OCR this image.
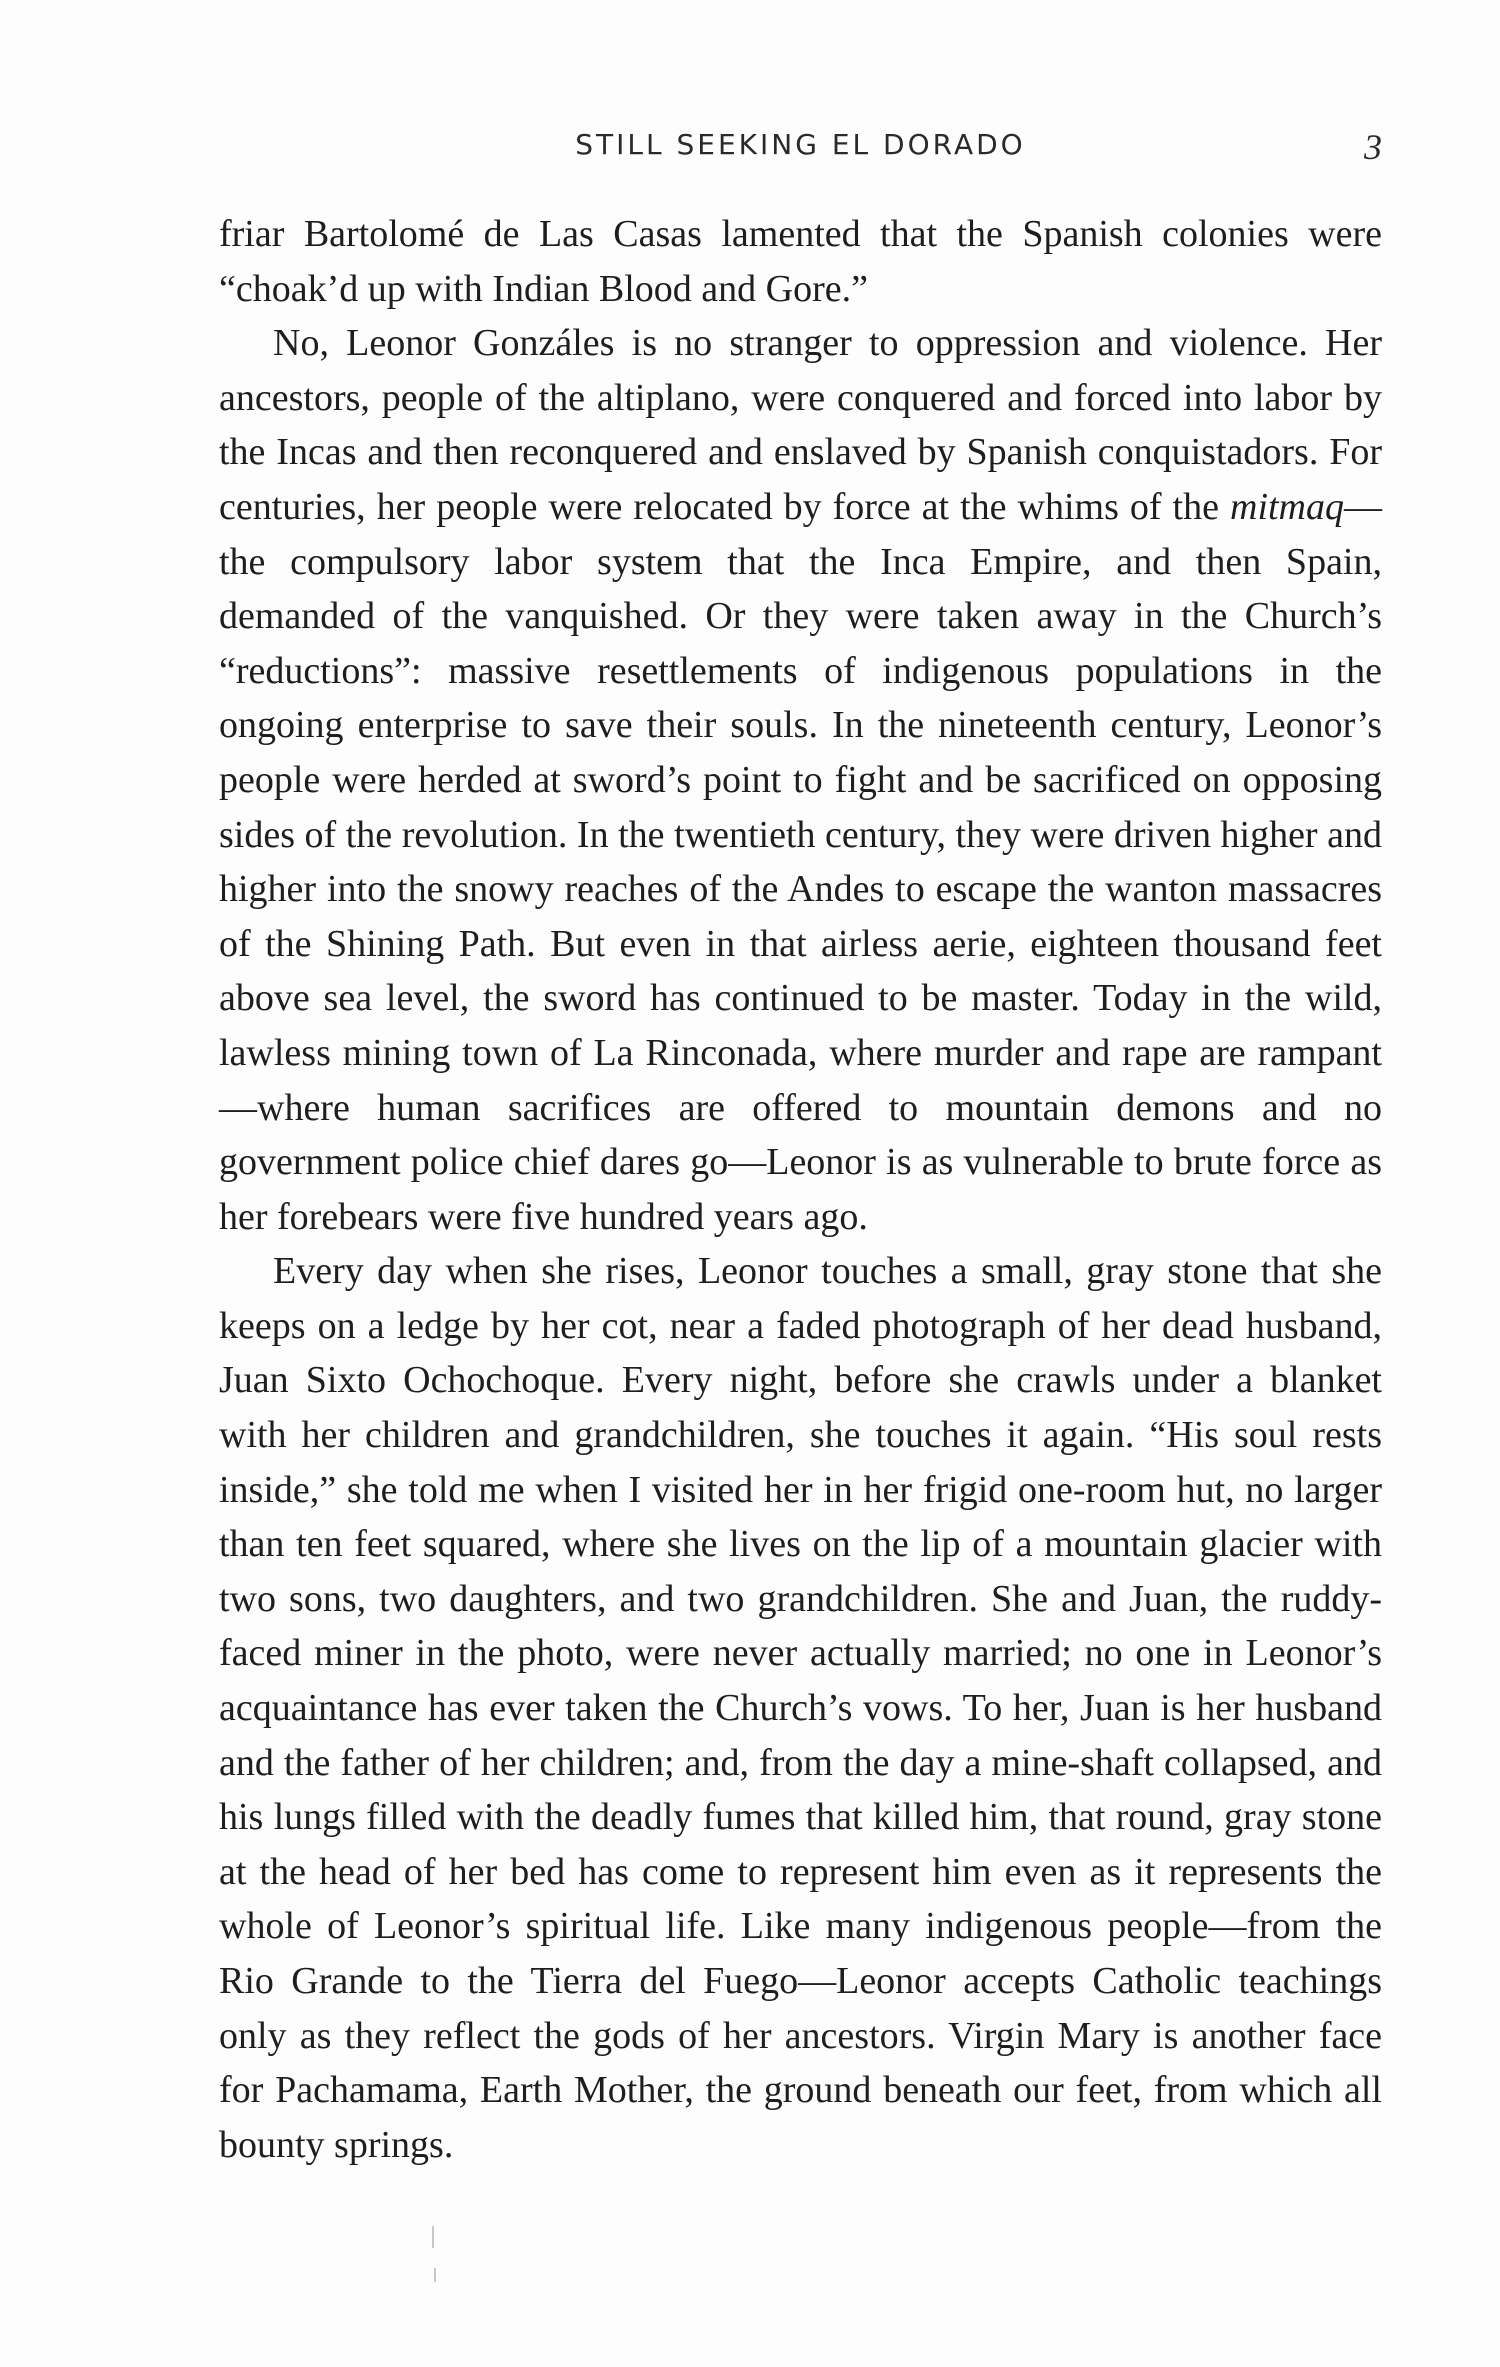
STILL SEEKING EL DORADO	3

friar Bartolomé de Las Casas lamented that the Spanish colonies were “choak’d up with Indian Blood and Gore.”

No, Leonor Gonzáles is no stranger to oppression and violence. Her ancestors, people of the altiplano, were conquered and forced into labor by the Incas and then reconquered and enslaved by Spanish conquistadors. For centuries, her people were relocated by force at the whims of the mitmaq—the compulsory labor system that the Inca Empire, and then Spain, demanded of the vanquished. Or they were taken away in the Church’s “reductions”: massive resettlements of indigenous populations in the ongoing enterprise to save their souls. In the nineteenth century, Leonor’s people were herded at sword’s point to fight and be sacrificed on opposing sides of the revolution. In the twentieth century, they were driven higher and higher into the snowy reaches of the Andes to escape the wanton massacres of the Shining Path. But even in that airless aerie, eighteen thousand feet above sea level, the sword has continued to be master. Today in the wild, lawless mining town of La Rinconada, where murder and rape are rampant—where human sacrifices are offered to mountain demons and no government police chief dares go—Leonor is as vulnerable to brute force as her forebears were five hundred years ago.

Every day when she rises, Leonor touches a small, gray stone that she keeps on a ledge by her cot, near a faded photograph of her dead husband, Juan Sixto Ochochoque. Every night, before she crawls under a blanket with her children and grandchildren, she touches it again. “His soul rests inside,” she told me when I visited her in her frigid one-room hut, no larger than ten feet squared, where she lives on the lip of a mountain glacier with two sons, two daughters, and two grandchildren. She and Juan, the ruddy-faced miner in the photo, were never actually married; no one in Leonor’s acquaintance has ever taken the Church’s vows. To her, Juan is her husband and the father of her children; and, from the day a mine-shaft collapsed, and his lungs filled with the deadly fumes that killed him, that round, gray stone at the head of her bed has come to represent him even as it represents the whole of Leonor’s spiritual life. Like many indigenous people—from the Rio Grande to the Tierra del Fuego—Leonor accepts Catholic teachings only as they reflect the gods of her ancestors. Virgin Mary is another face for Pachamama, Earth Mother, the ground beneath our feet, from which all bounty springs.
